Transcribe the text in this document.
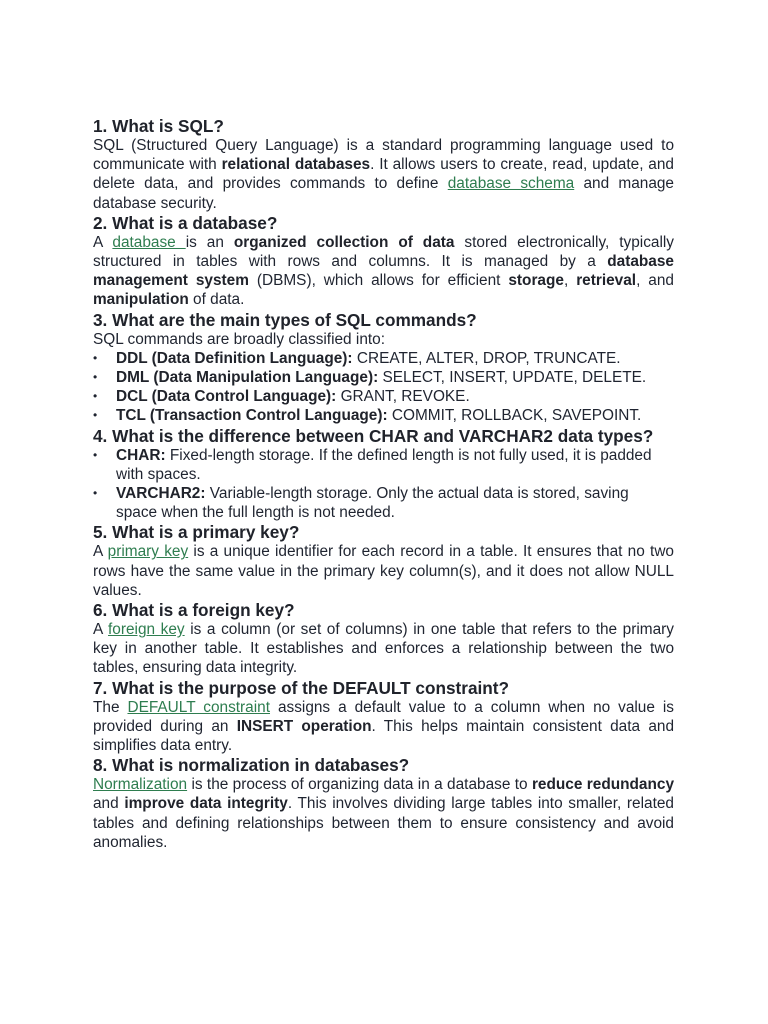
1. What is SQL?

SQL (Structured Query Language) is a standard programming language used to communicate with relational databases. It allows users to create, read, update, and delete data, and provides commands to define database schema and manage database security.

2. What is a database?

A database is an organized collection of data stored electronically, typically structured in tables with rows and columns. It is managed by a database management system (DBMS), which allows for efficient storage, retrieval, and manipulation of data.

3. What are the main types of SQL commands?

SQL commands are broadly classified into:

• DDL (Data Definition Language): CREATE, ALTER, DROP, TRUNCATE.
• DML (Data Manipulation Language): SELECT, INSERT, UPDATE, DELETE.
• DCL (Data Control Language): GRANT, REVOKE.
• TCL (Transaction Control Language): COMMIT, ROLLBACK, SAVEPOINT.
4. What is the difference between CHAR and VARCHAR2 data types?
• CHAR: Fixed-length storage. If the defined length is not fully used, it is padded with spaces.
• VARCHAR2: Variable-length storage. Only the actual data is stored, saving space when the full length is not needed.
5. What is a primary key?

A primary key is a unique identifier for each record in a table. It ensures that no two rows have the same value in the primary key column(s), and it does not allow NULL values.

6. What is a foreign key?

A foreign key is a column (or set of columns) in one table that refers to the primary key in another table. It establishes and enforces a relationship between the two tables, ensuring data integrity.

7. What is the purpose of the DEFAULT constraint?

The DEFAULT constraint assigns a default value to a column when no value is provided during an INSERT operation. This helps maintain consistent data and simplifies data entry.

8. What is normalization in databases?

Normalization is the process of organizing data in a database to reduce redundancy and improve data integrity. This involves dividing large tables into smaller, related tables and defining relationships between them to ensure consistency and avoid anomalies.
